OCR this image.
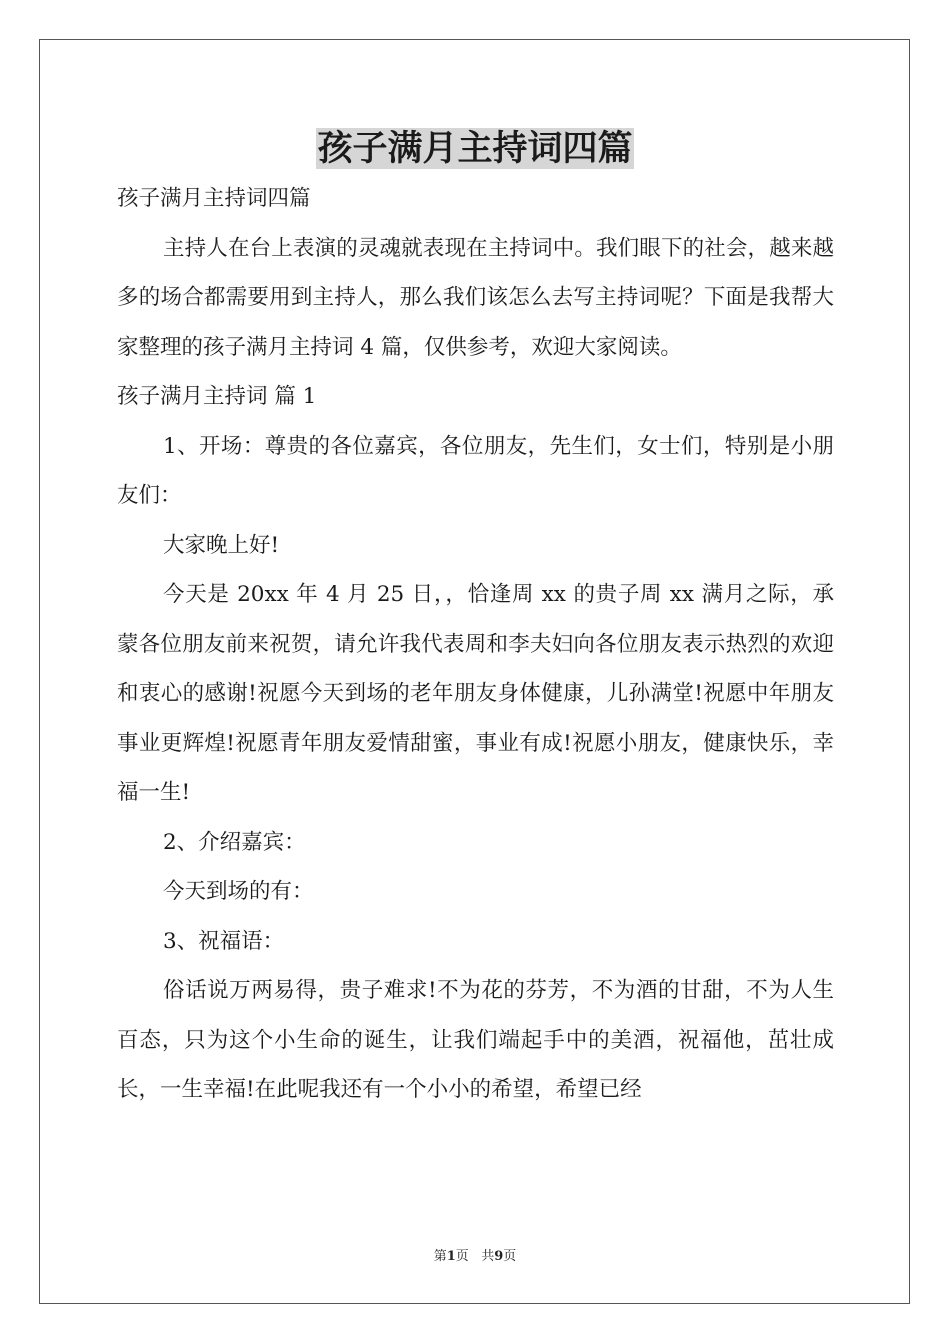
孩子满月主持词四篇

孩子满月主持词四篇

主持人在台上表演的灵魂就表现在主持词中。我们眼下的社会，越来越多的场合都需要用到主持人，那么我们该怎么去写主持词呢？下面是我帮大家整理的孩子满月主持词 4 篇，仅供参考，欢迎大家阅读。

孩子满月主持词 篇 1

1、开场：尊贵的各位嘉宾，各位朋友，先生们，女士们，特别是小朋友们：

大家晚上好!

今天是 20xx 年 4 月 25 日，，恰逢周 xx 的贵子周 xx 满月之际，承蒙各位朋友前来祝贺，请允许我代表周和李夫妇向各位朋友表示热烈的欢迎和衷心的感谢!祝愿今天到场的老年朋友身体健康，儿孙满堂!祝愿中年朋友事业更辉煌!祝愿青年朋友爱情甜蜜，事业有成!祝愿小朋友，健康快乐，幸福一生!

2、介绍嘉宾：

今天到场的有：

3、祝福语：

俗话说万两易得，贵子难求!不为花的芬芳，不为酒的甘甜，不为人生百态，只为这个小生命的诞生，让我们端起手中的美酒，祝福他，茁壮成长，一生幸福!在此呢我还有一个小小的希望，希望已经

第1页 共9页
